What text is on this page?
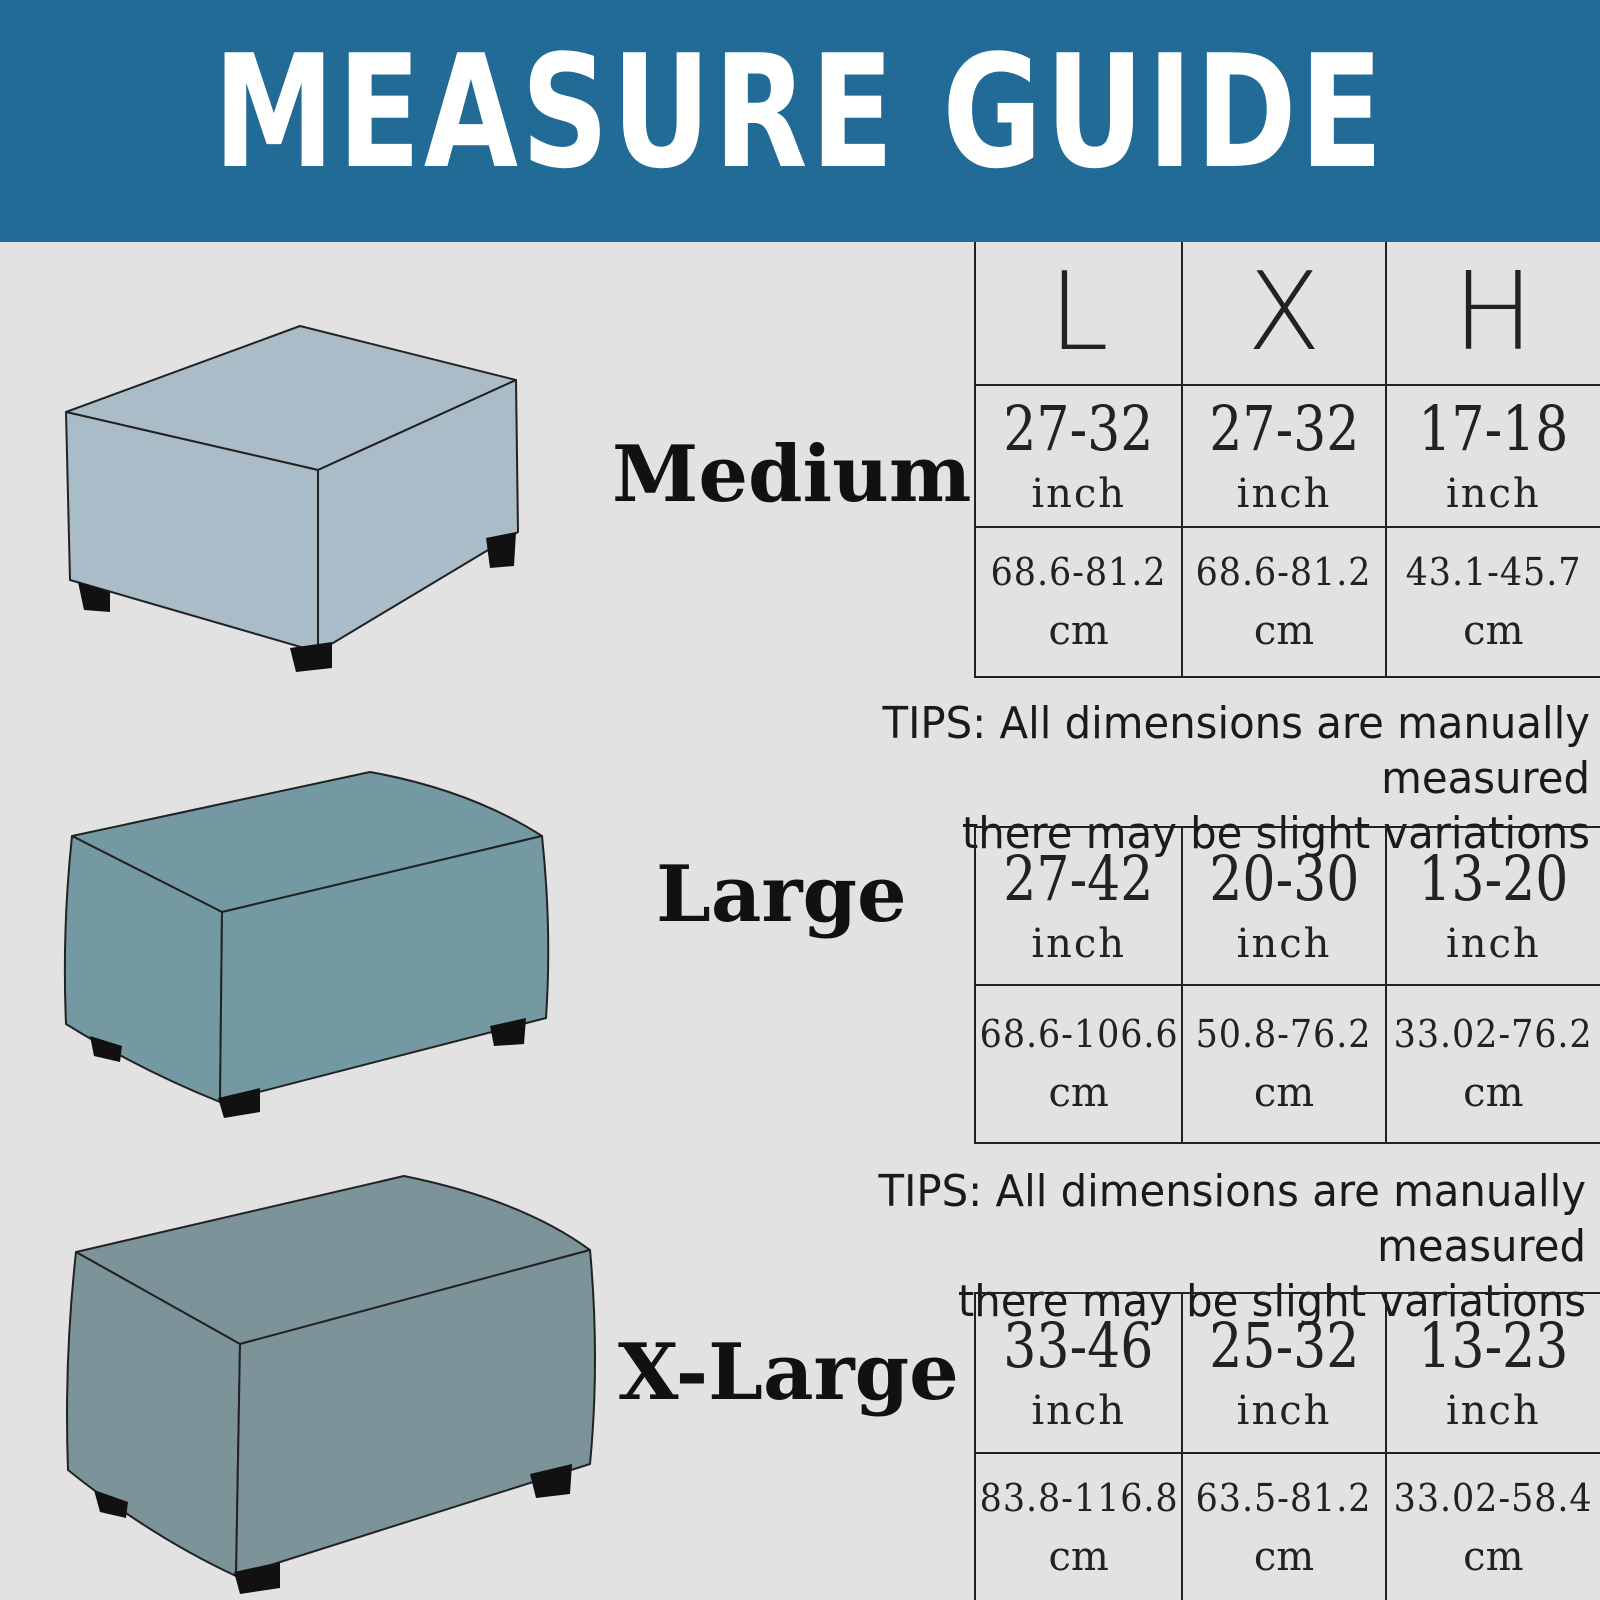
MEASURE GUIDE
Medium
L X H
27-32
inch
27-32
inch
17-18
inch
68.6-81.2
cm
68.6-81.2
cm
43.1-45.7
cm
TIPS: All dimensions are manually measured
there may be slight variations
Large 27-42
inch
20-30
inch
13-20
inch
68.6-106.6
cm
50.8-76.2
cm
33.02-76.2
cm
TIPS: All dimensions are manually measured
there may be slight variations
X-Large 33-46
inch
25-32
inch
13-23
inch
83.8-116.8
cm
63.5-81.2
cm
33.02-58.4
cm
